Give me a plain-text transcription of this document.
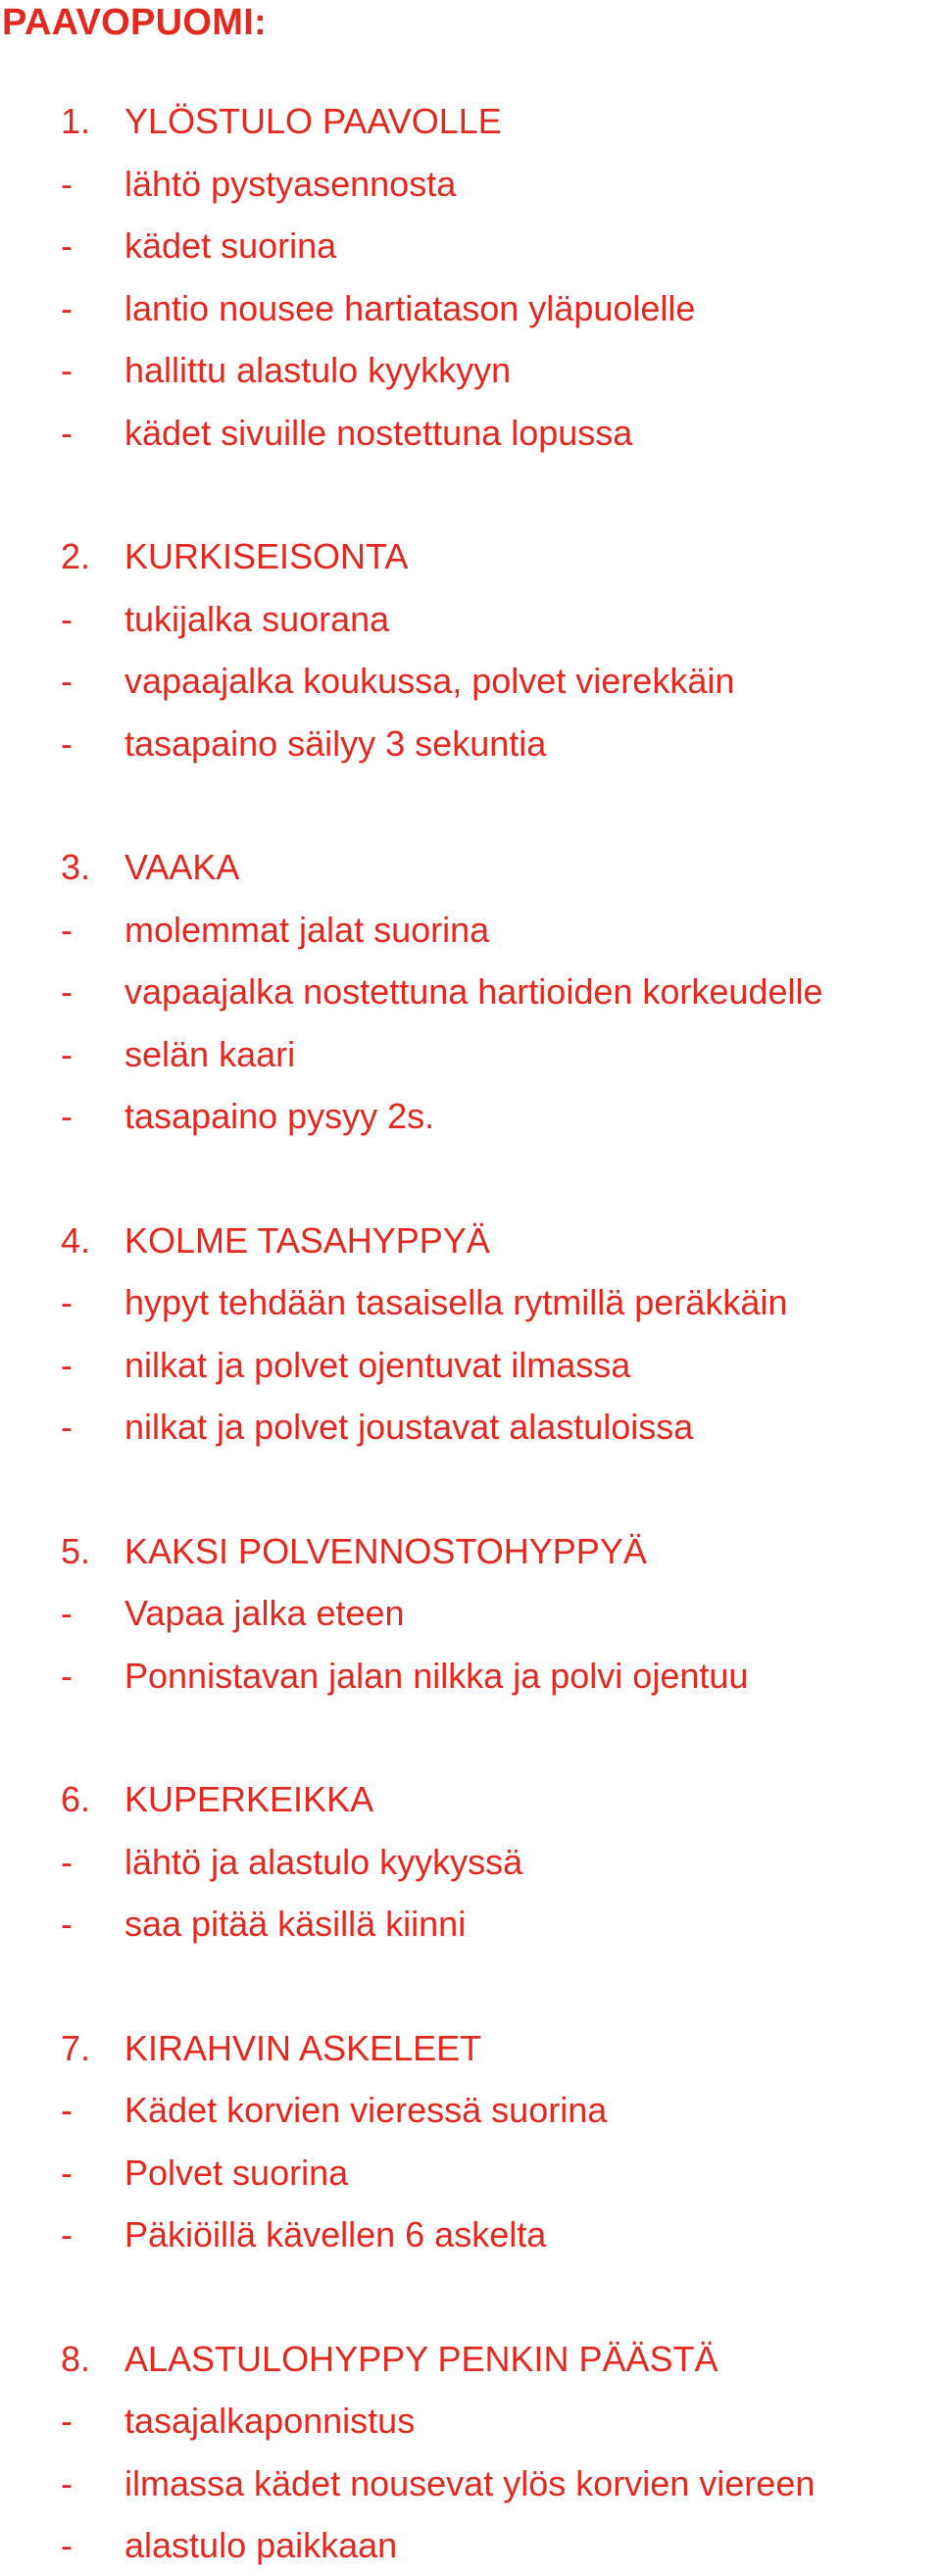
PAAVOPUOMI:
1. YLÖSTULO PAAVOLLE
- lähtö pystyasennosta
- kädet suorina
- lantio nousee hartiatason yläpuolelle
- hallittu alastulo kyykkyyn
- kädet sivuille nostettuna lopussa
2. KURKISEISONTA
- tukijalka suorana
- vapaajalka koukussa, polvet vierekkäin
- tasapaino säilyy 3 sekuntia
3. VAAKA
- molemmat jalat suorina
- vapaajalka nostettuna hartioiden korkeudelle
- selän kaari
- tasapaino pysyy 2s.
4. KOLME TASAHYPPYÄ
- hypyt tehdään tasaisella rytmillä peräkkäin
- nilkat ja polvet ojentuvat ilmassa
- nilkat ja polvet joustavat alastuloissa
5. KAKSI POLVENNOSTOHYPPYÄ
- Vapaa jalka eteen
- Ponnistavan jalan nilkka ja polvi ojentuu
6. KUPERKEIKKA
- lähtö ja alastulo kyykyssä
- saa pitää käsillä kiinni
7. KIRAHVIN ASKELEET
- Kädet korvien vieressä suorina
- Polvet suorina
- Päkiöillä kävellen 6 askelta
8. ALASTULOHYPPY PENKIN PÄÄSTÄ
- tasajalkaponnistus
- ilmassa kädet nousevat ylös korvien viereen
- alastulo paikkaan
